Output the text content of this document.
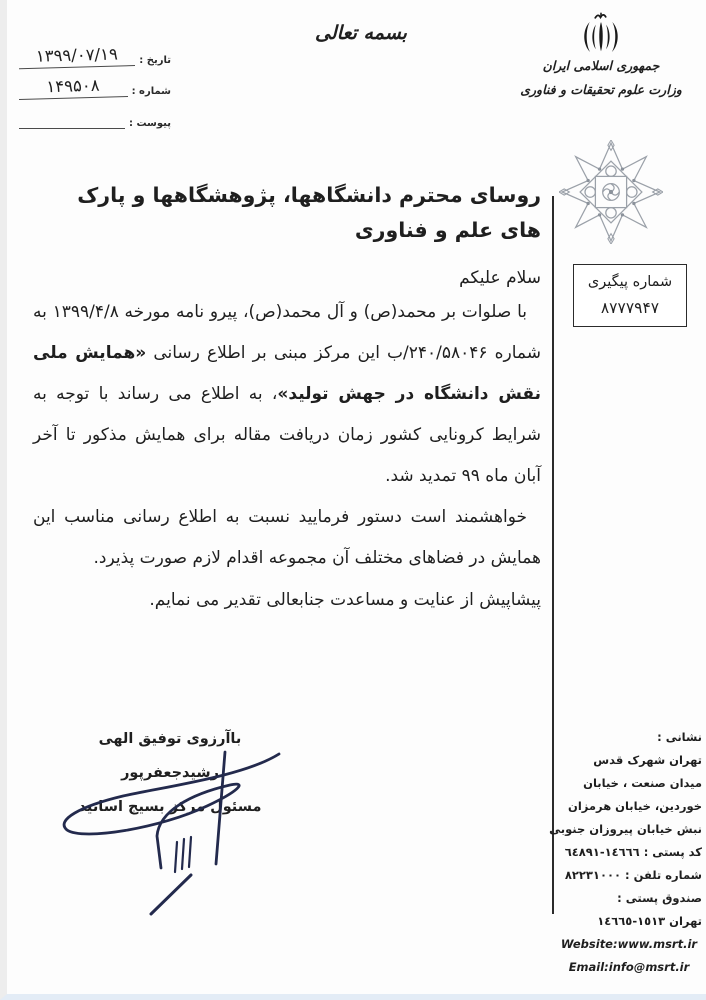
تاریخ :
۱۳۹۹/۰۷/۱۹
شماره :
۱۴۹۵۰۸
پیوست :
بسمه تعالی
جمهوری اسلامی ایران
وزارت علوم تحقیقات و فناوری
شماره پیگیری
۸۷۷۷۹۴۷

روسای محترم دانشگاهها، پژوهشگاهها و پارک های علم و فناوری

سلام علیکم

با صلوات بر محمد(ص) و آل محمد(ص)، پیرو نامه مورخه ۱۳۹۹/۴/۸ به شماره ۲۴۰/۵۸۰۴۶/ب این مرکز مبنی بر اطلاع رسانی «همایش ملی نقش دانشگاه در جهش تولید»، به اطلاع می رساند با توجه به شرایط کرونایی کشور زمان دریافت مقاله برای همایش مذکور تا آخر آبان ماه ۹۹ تمدید شد.

خواهشمند است دستور فرمایید نسبت به اطلاع رسانی مناسب این همایش در فضاهای مختلف آن مجموعه اقدام لازم صورت پذیرد.

پیشاپیش از عنایت و مساعدت جنابعالی تقدیر می نمایم.

باآرزوی توفیق الهی
رشیدجعفرپور
مسئول مرکز بسیج اساتید
نشانی :
تهران شهرک قدس
میدان صنعت ، خیابان
خوردین، خیابان هرمزان
نبش خیابان پیروزان جنوبی
کد پستی : ١٤٦٦٦-٦٤٨٩١
شماره تلفن : ٨٢٢٣١٠٠٠
صندوق پستی :
تهران ١٥١٣-١٤٦٦٥
Website:www.msrt.ir
Email:info@msrt.ir
